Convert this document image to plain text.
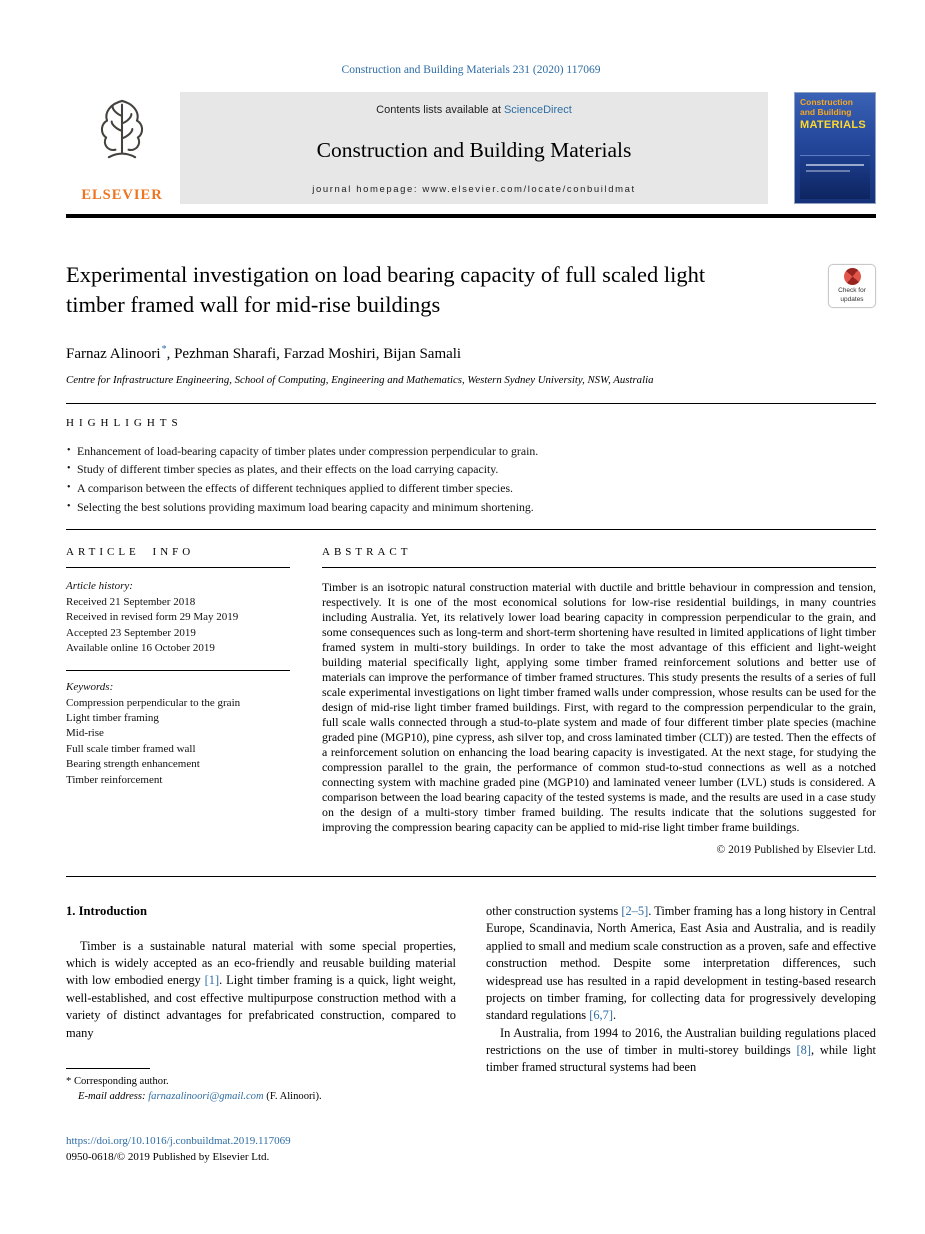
Construction and Building Materials 231 (2020) 117069
ELSEVIER
Contents lists available at ScienceDirect
Construction and Building Materials
journal homepage: www.elsevier.com/locate/conbuildmat
Construction
and Building
MATERIALS
Experimental investigation on load bearing capacity of full scaled light timber framed wall for mid-rise buildings
Check for
updates
Farnaz Alinoori*, Pezhman Sharafi, Farzad Moshiri, Bijan Samali
Centre for Infrastructure Engineering, School of Computing, Engineering and Mathematics, Western Sydney University, NSW, Australia
HIGHLIGHTS
• Enhancement of load-bearing capacity of timber plates under compression perpendicular to grain.
• Study of different timber species as plates, and their effects on the load carrying capacity.
• A comparison between the effects of different techniques applied to different timber species.
• Selecting the best solutions providing maximum load bearing capacity and minimum shortening.
ARTICLE INFO
Article history:
Received 21 September 2018
Received in revised form 29 May 2019
Accepted 23 September 2019
Available online 16 October 2019
Keywords:
Compression perpendicular to the grain
Light timber framing
Mid-rise
Full scale timber framed wall
Bearing strength enhancement
Timber reinforcement
ABSTRACT
Timber is an isotropic natural construction material with ductile and brittle behaviour in compression and tension, respectively. It is one of the most economical solutions for low-rise residential buildings, in many countries including Australia. Yet, its relatively lower load bearing capacity in compression perpendicular to the grain, and some consequences such as long-term and short-term shortening have resulted in limited applications of light timber framed system in multi-story buildings. In order to take the most advantage of this efficient and light-weight building material specifically light, applying some timber framed reinforcement solutions and better use of materials can improve the performance of timber framed structures. This study presents the results of a series of full scale experimental investigations on light timber framed walls under compression, whose results can be used for the design of mid-rise light timber framed buildings. First, with regard to the compression perpendicular to the grain, full scale walls connected through a stud-to-plate system and made of four different timber plate species (machine graded pine (MGP10), pine cypress, ash silver top, and cross laminated timber (CLT)) are tested. Then the effects of a reinforcement solution on enhancing the load bearing capacity is investigated. At the next stage, for studying the compression parallel to the grain, the performance of common stud-to-stud connections as well as a notched connecting system with machine graded pine (MGP10) and laminated veneer lumber (LVL) studs is considered. A comparison between the load bearing capacity of the tested systems is made, and the results are used in a case study on the design of a multi-story timber framed building. The results indicate that the solutions suggested for improving the compression bearing capacity can be applied to mid-rise light timber frame buildings.
© 2019 Published by Elsevier Ltd.
1. Introduction

Timber is a sustainable natural material with some special properties, which is widely accepted as an eco-friendly and reusable building material with low embodied energy [1]. Light timber framing is a quick, light weight, well-established, and cost effective multipurpose construction method with a variety of distinct advantages for prefabricated construction, compared to many

* Corresponding author.
E-mail address: farnazalinoori@gmail.com (F. Alinoori).

other construction systems [2–5]. Timber framing has a long history in Central Europe, Scandinavia, North America, East Asia and Australia, and is readily applied to small and medium scale construction as a proven, safe and effective construction method. Despite some interpretation differences, such widespread use has resulted in a rapid development in testing-based research projects on timber framing, for collecting data for progressively developing standard regulations [6,7].

In Australia, from 1994 to 2016, the Australian building regulations placed restrictions on the use of timber in multi-storey buildings [8], while light timber framed structural systems had been

https://doi.org/10.1016/j.conbuildmat.2019.117069
0950-0618/© 2019 Published by Elsevier Ltd.
